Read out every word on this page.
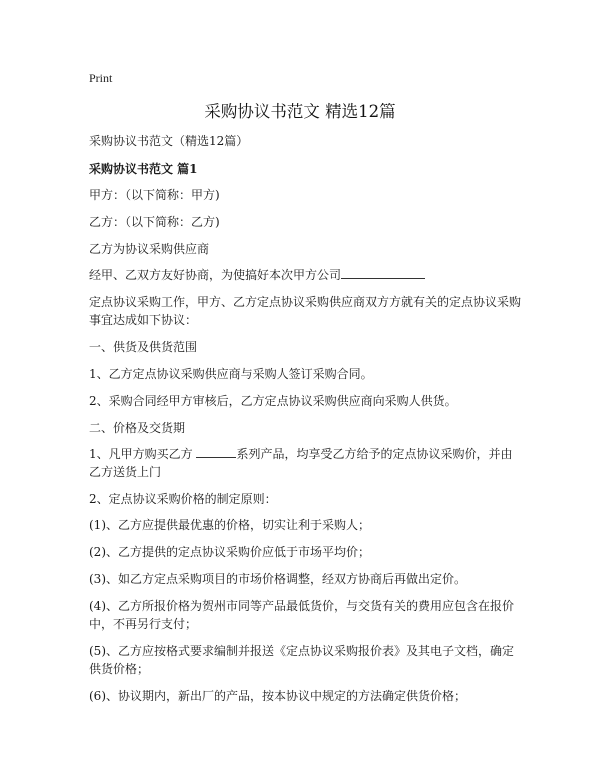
Print
采购协议书范文 精选12篇
采购协议书范文（精选12篇）
采购协议书范文 篇1
甲方：（以下简称：甲方)
乙方：（以下简称：乙方)
乙方为协议采购供应商
经甲、乙双方友好协商，为使搞好本次甲方公司
定点协议采购工作，甲方、乙方定点协议采购供应商双方方就有关的定点协议采购事宜达成如下协议：
一、供货及供货范围
1、乙方定点协议采购供应商与采购人签订采购合同。
2、采购合同经甲方审核后，乙方定点协议采购供应商向采购人供货。
二、价格及交货期
1、凡甲方购买乙方	系列产品，均享受乙方给予的定点协议采购价，并由乙方送货上门
2、定点协议采购价格的制定原则：
(1)、乙方应提供最优惠的价格，切实让利于采购人；
(2)、乙方提供的定点协议采购价应低于市场平均价；
(3)、如乙方定点采购项目的市场价格调整，经双方协商后再做出定价。
(4)、乙方所报价格为贺州市同等产品最低货价，与交货有关的费用应包含在报价中，不再另行支付；
(5)、乙方应按格式要求编制并报送《定点协议采购报价表》及其电子文档，确定供货价格；
(6)、协议期内，新出厂的产品，按本协议中规定的方法确定供货价格；
